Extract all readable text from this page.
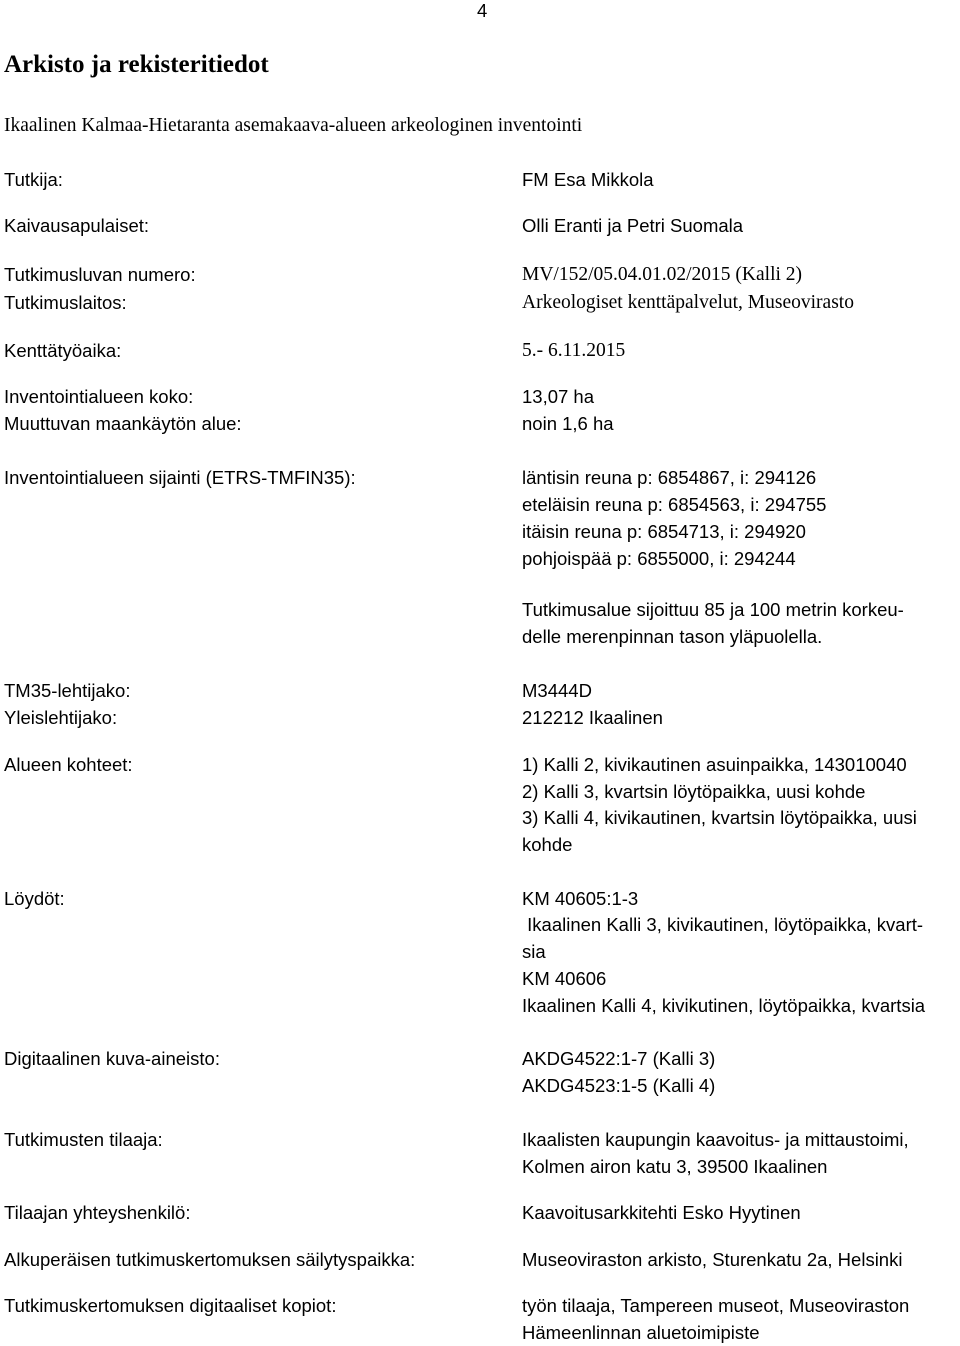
4
Arkisto ja rekisteritiedot
Ikaalinen Kalmaa-Hietaranta asemakaava-alueen arkeologinen inventointi
Tutkija:	FM Esa Mikkola
Kaivausapulaiset:	Olli Eranti ja Petri Suomala
Tutkimusluvan numero:	MV/152/05.04.01.02/2015 (Kalli 2)
Tutkimuslaitos:	Arkeologiset kenttäpalvelut, Museovirasto
Kenttätyöaika:	5.- 6.11.2015
Inventointialueen koko:	13,07 ha
Muuttuvan maankäytön alue:	noin 1,6 ha
Inventointialueen sijainti (ETRS-TMFIN35):	läntisin reuna p: 6854867, i: 294126
eteläisin reuna p: 6854563, i: 294755
itäisin reuna p: 6854713, i: 294920
pohjoispää p: 6855000, i: 294244
Tutkimusalue sijoittuu 85 ja 100 metrin korkeu-
delle merenpinnan tason yläpuolella.
TM35-lehtijako:	M3444D
Yleislehtijako:	212212 Ikaalinen
Alueen kohteet:	1) Kalli 2, kivikautinen asuinpaikka, 143010040
2) Kalli 3, kvartsin löytöpaikka, uusi kohde
3) Kalli 4, kivikautinen, kvartsin löytöpaikka, uusi
kohde
Löydöt:	KM 40605:1-3
Ikaalinen Kalli 3, kivikautinen, löytöpaikka, kvart-
sia
KM 40606
Ikaalinen Kalli 4, kivikutinen, löytöpaikka, kvartsia
Digitaalinen kuva-aineisto:	AKDG4522:1-7 (Kalli 3)
AKDG4523:1-5 (Kalli 4)
Tutkimusten tilaaja:	Ikaalisten kaupungin kaavoitus- ja mittaustoimi,
Kolmen airon katu 3, 39500 Ikaalinen
Tilaajan yhteyshenkilö:	Kaavoitusarkkitehti Esko Hyytinen
Alkuperäisen tutkimuskertomuksen säilytyspaikka:	Museoviraston arkisto, Sturenkatu 2a, Helsinki
Tutkimuskertomuksen digitaaliset kopiot:	työn tilaaja, Tampereen museot, Museoviraston
Hämeenlinnan aluetoimipiste
